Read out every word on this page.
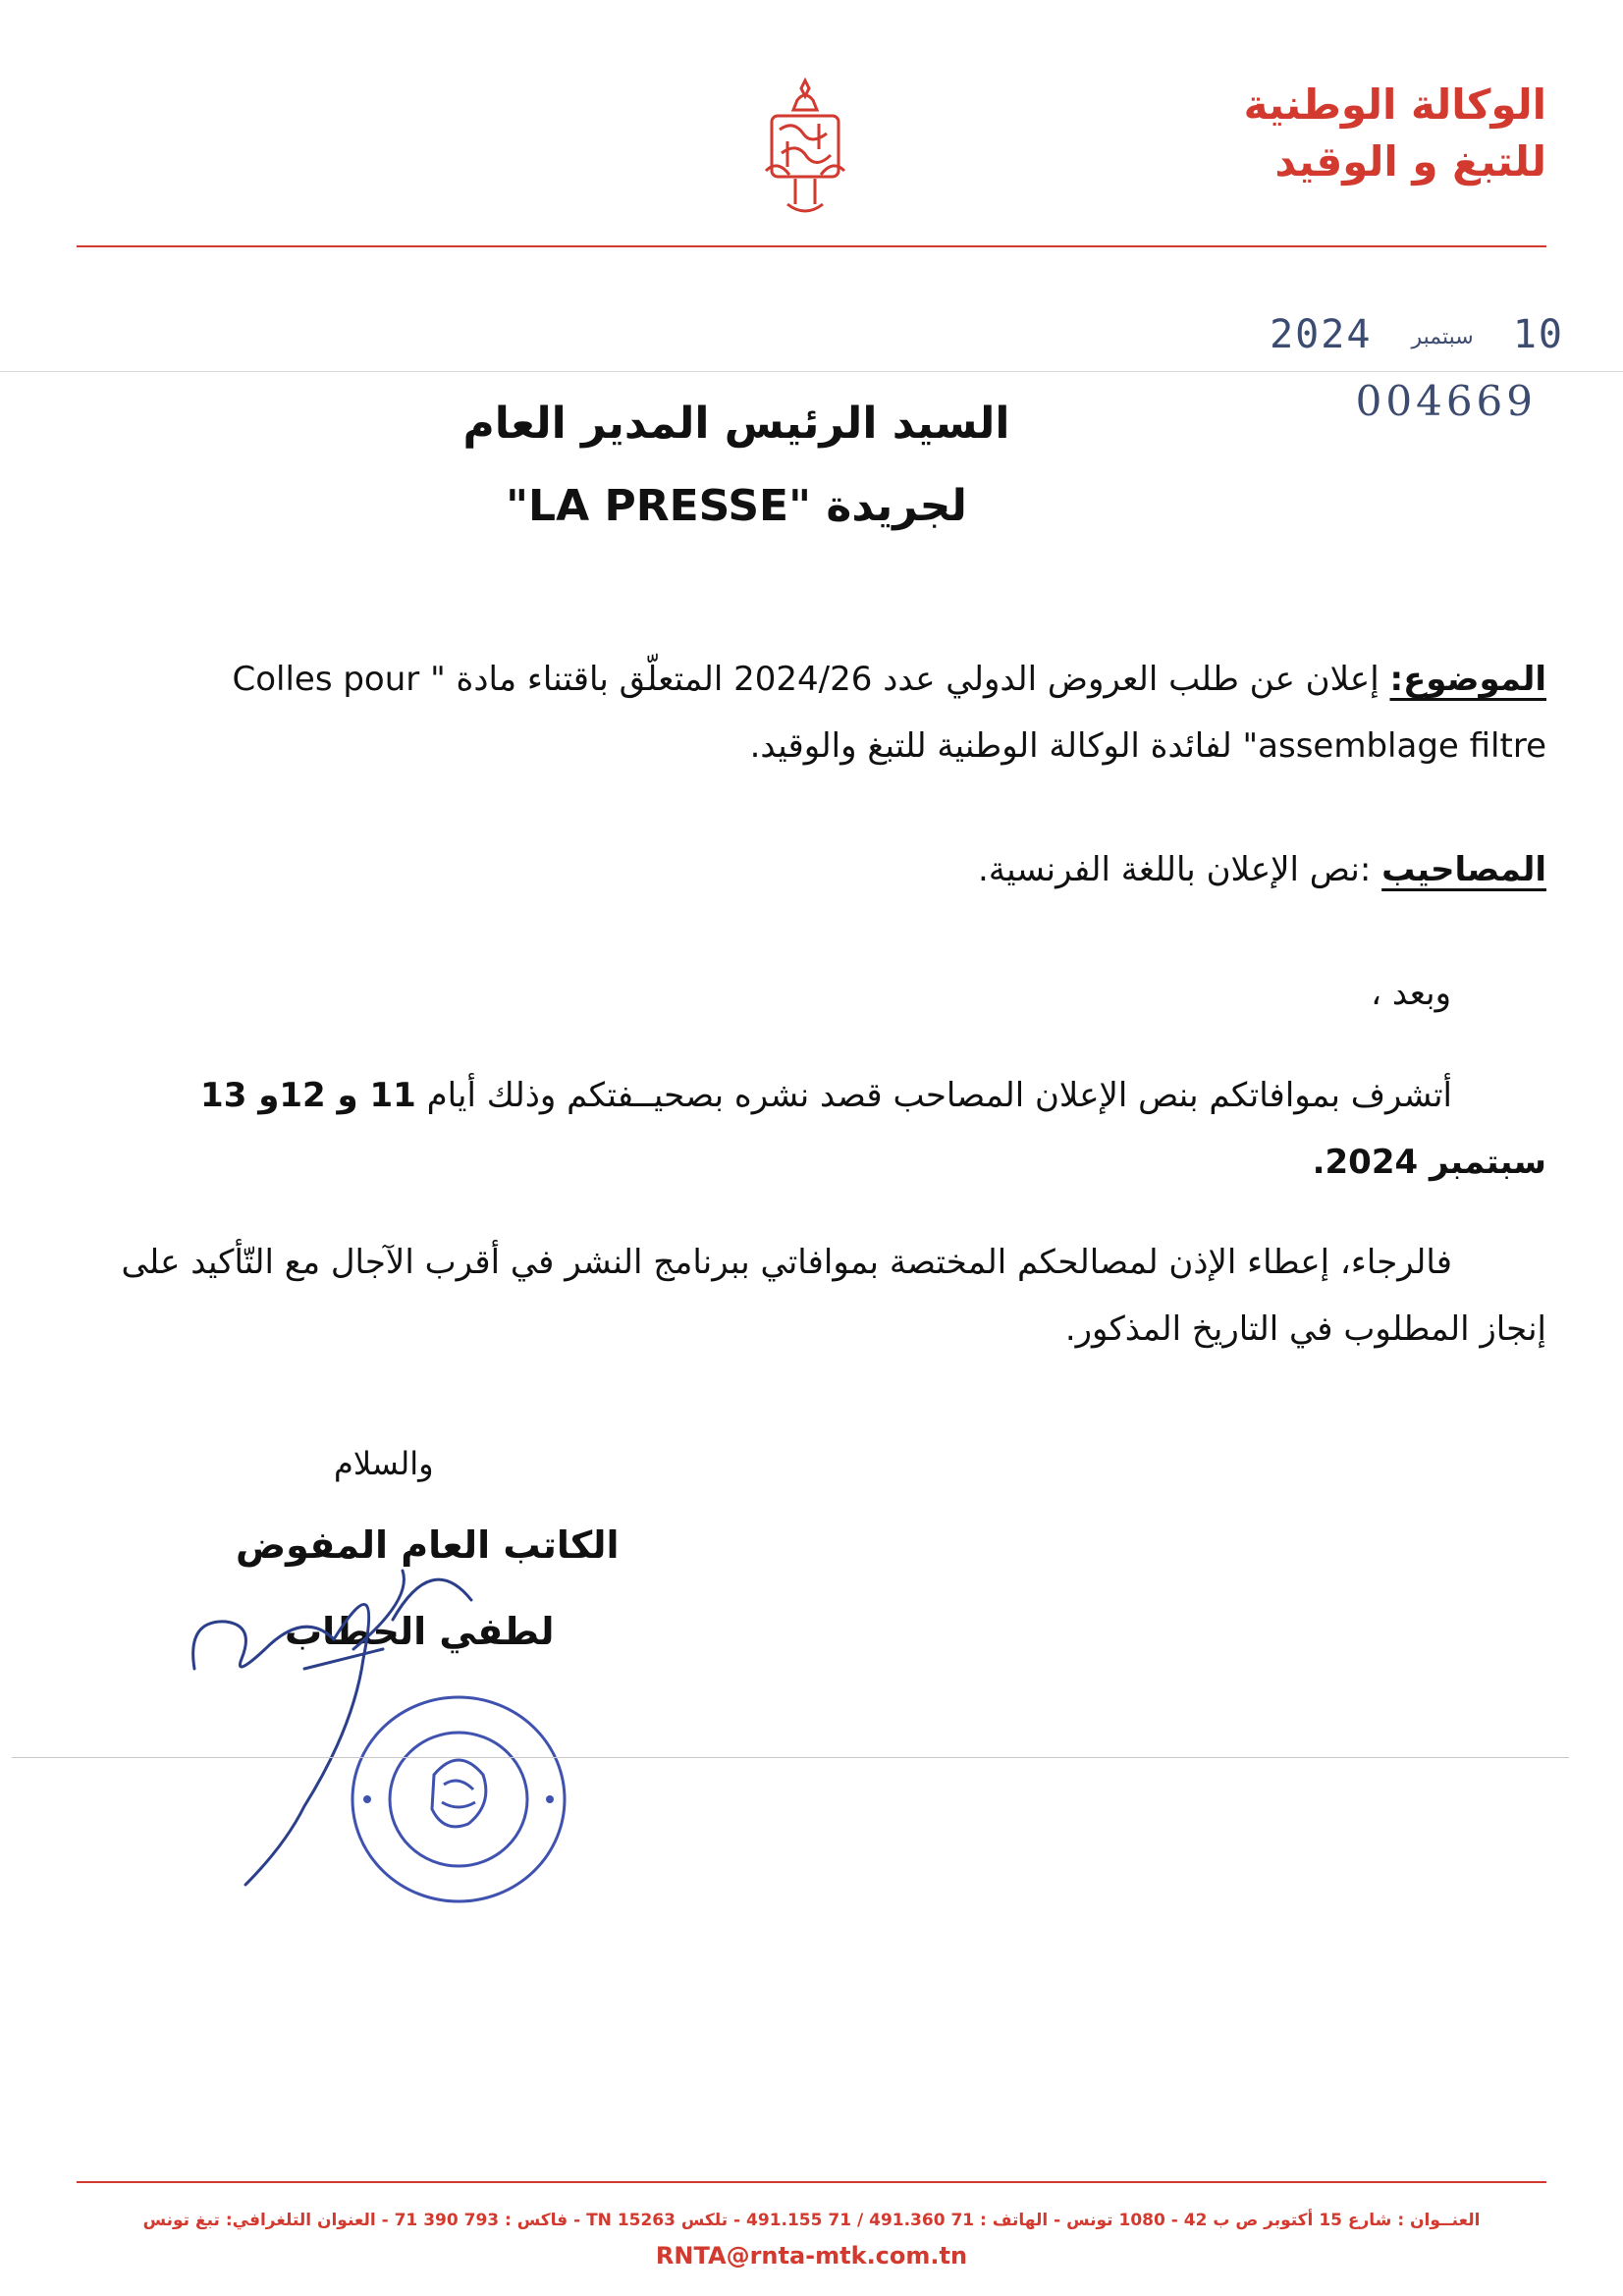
الوكالة الوطنية
للتبغ و الوقيد
2024 سبتمبر 10
004669
السيد الرئيس المدير العام
لجريدة "LA PRESSE"
الموضوع: إعلان عن طلب العروض الدولي عدد 2024/26 المتعلّق باقتناء مادة " Colles pour assemblage filtre" لفائدة الوكالة الوطنية للتبغ والوقيد.
المصاحيب :نص الإعلان باللغة الفرنسية.
وبعد ،
أتشرف بموافاتكم بنص الإعلان المصاحب قصد نشره بصحيــفتكم وذلك أيام 11 و 12و 13 سبتمبر 2024.
فالرجاء، إعطاء الإذن لمصالحكم المختصة بموافاتي ببرنامج النشر في أقرب الآجال مع التّأكيد على إنجاز المطلوب في التاريخ المذكور.
والسلام
الكاتب العام المفوض
لطفي الحطاب
العنــوان : شارع 15 أكتوبر ص ب 42 - 1080 تونس - الهاتف : 71 491.360 / 71 491.155 - تلكس TN 15263 - فاكس : 793 390 71 - العنوان التلغرافي: تبغ تونس
RNTA@rnta-mtk.com.tn
